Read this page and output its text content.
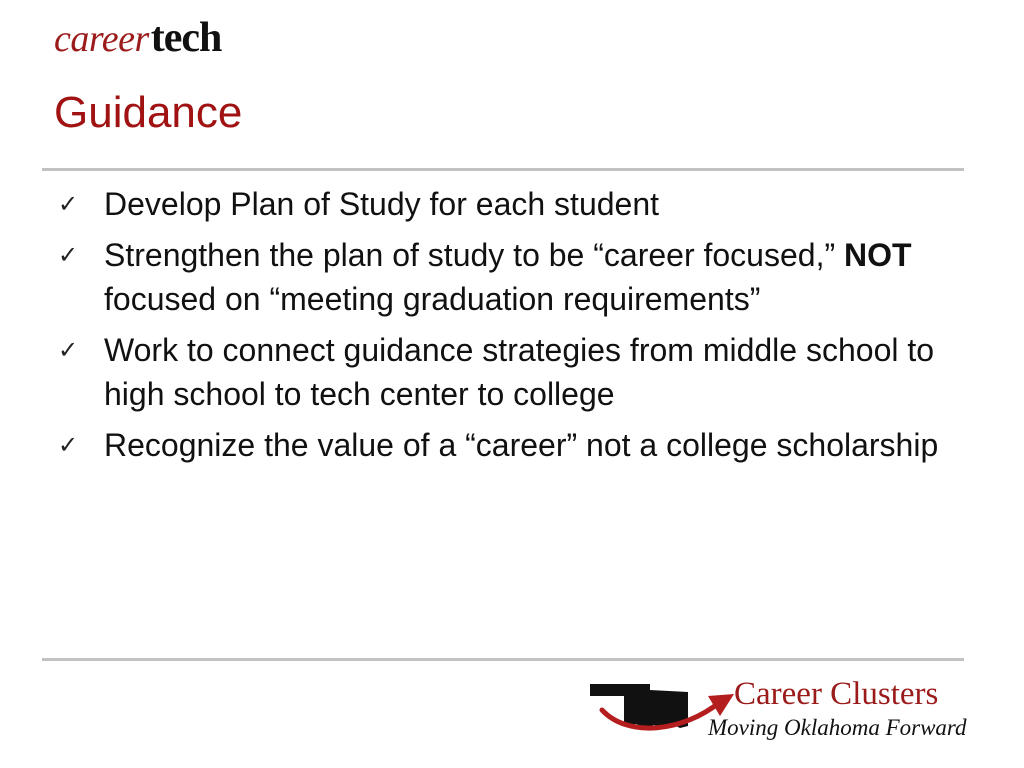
career tech
Guidance
✓ Develop Plan of Study for each student
✓ Strengthen the plan of study to be “career focused,” NOT focused on “meeting graduation requirements”
✓ Work to connect guidance strategies from middle school to high school to tech center to college
✓ Recognize the value of a “career” not a college scholarship
Career Clusters
Moving Oklahoma Forward
